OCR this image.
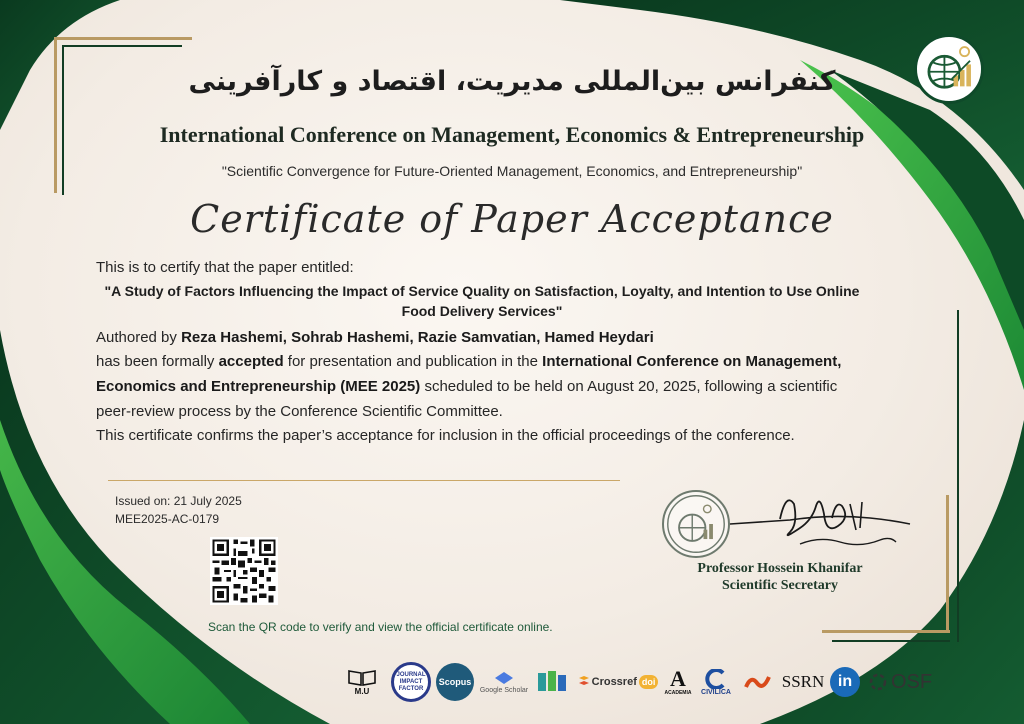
کنفرانس بین‌المللی مدیریت، اقتصاد و کارآفرینی
International Conference on Management, Economics & Entrepreneurship
"Scientific Convergence for Future-Oriented Management, Economics, and Entrepreneurship"
Certificate of Paper Acceptance
This is to certify that the paper entitled:
"A Study of Factors Influencing the Impact of Service Quality on Satisfaction, Loyalty, and Intention to Use Online Food Delivery Services"
Authored by Reza Hashemi, Sohrab Hashemi, Razie Samvatian, Hamed Heydari
has been formally accepted for presentation and publication in the International Conference on Management, Economics and Entrepreneurship (MEE 2025) scheduled to be held on August 20, 2025, following a scientific peer-review process by the Conference Scientific Committee.
This certificate confirms the paper’s acceptance for inclusion in the official proceedings of the conference.
Issued on: 21 July 2025
MEE2025-AC-0179
Scan the QR code to verify and view the official certificate online.
Professor Hossein Khanifar
Scientific Secretary
M.U
JOURNAL IMPACT FACTOR
Scopus
Google Scholar
Crossref doi A
ACADEMIA CIVILICA
SSRN in OSF
